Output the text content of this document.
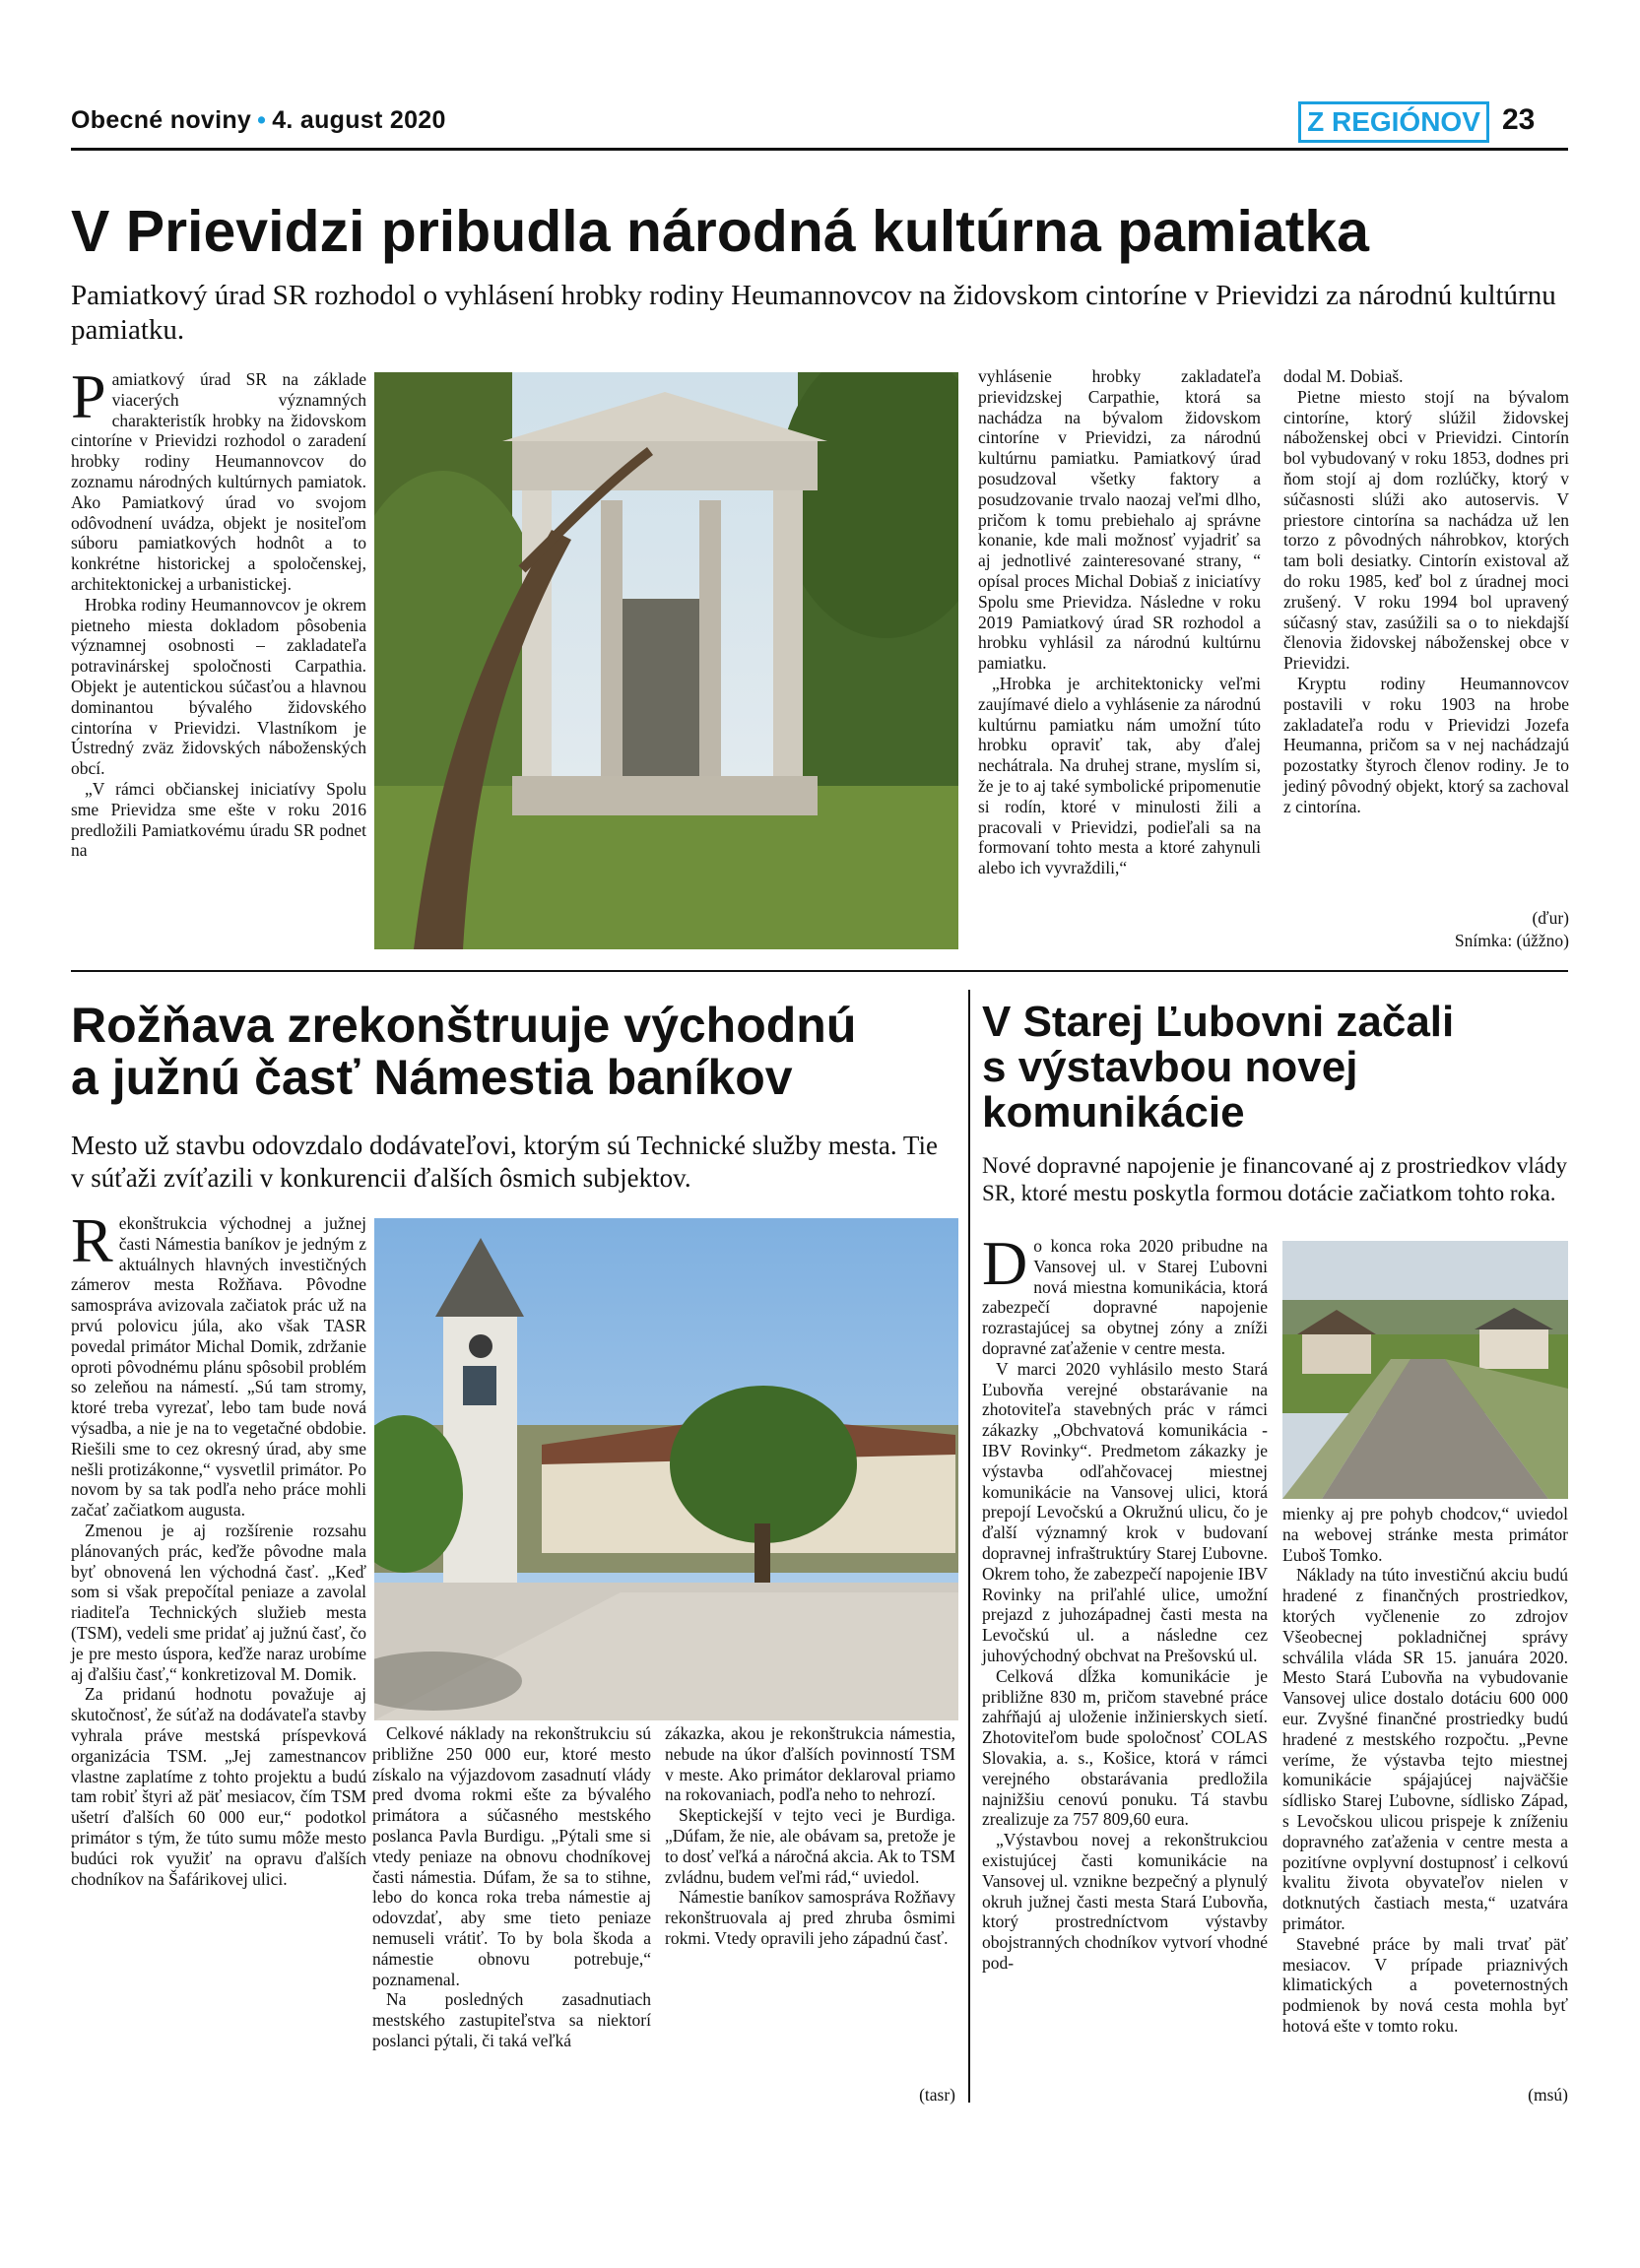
Obecné noviny • 4. august 2020	Z REGIÓNOV 23
V Prievidzi pribudla národná kultúrna pamiatka
Pamiatkový úrad SR rozhodol o vyhlásení hrobky rodiny Heumannovcov na židovskom cintoríne v Prievidzi za národnú kultúrnu pamiatku.

Pamiatkový úrad SR na základe viacerých významných charakteristík hrobky na židovskom cintoríne v Prievidzi rozhodol o zaradení hrobky rodiny Heumannovcov do zoznamu národných kultúrnych pamiatok. Ako Pamiatkový úrad vo svojom odôvodnení uvádza, objekt je nositeľom súboru pamiatkových hodnôt a to konkrétne historickej a spoločenskej, architektonickej a urbanistickej.

Hrobka rodiny Heumannovcov je okrem pietneho miesta dokladom pôsobenia významnej osobnosti – zakladateľa potravinárskej spoločnosti Carpathia. Objekt je autentickou súčasťou a hlavnou dominantou bývalého židovského cintorína v Prievidzi. Vlastníkom je Ústredný zväz židovských náboženských obcí.

„V rámci občianskej iniciatívy Spolu sme Prievidza sme ešte v roku 2016 predložili Pamiatkovému úradu SR podnet na

vyhlásenie hrobky zakladateľa prievidzskej Carpathie, ktorá sa nachádza na bývalom židovskom cintoríne v Prievidzi, za národnú kultúrnu pamiatku. Pamiatkový úrad posudzoval všetky faktory a posudzovanie trvalo naozaj veľmi dlho, pričom k tomu prebiehalo aj správne konanie, kde mali možnosť vyjadriť sa aj jednotlivé zainteresované strany, “ opísal proces Michal Dobiaš z iniciatívy Spolu sme Prievidza. Následne v roku 2019 Pamiatkový úrad SR rozhodol a hrobku vyhlásil za národnú kultúrnu pamiatku.

„Hrobka je architektonicky veľmi zaujímavé dielo a vyhlásenie za národnú kultúrnu pamiatku nám umožní túto hrobku opraviť tak, aby ďalej nechátrala. Na druhej strane, myslím si, že je to aj také symbolické pripomenutie si rodín, ktoré v minulosti žili a pracovali v Prievidzi, podieľali sa na formovaní tohto mesta a ktoré zahynuli alebo ich vyvraždili,“

dodal M. Dobiaš.

Pietne miesto stojí na bývalom cintoríne, ktorý slúžil židovskej náboženskej obci v Prievidzi. Cintorín bol vybudovaný v roku 1853, dodnes pri ňom stojí aj dom rozlúčky, ktorý v súčasnosti slúži ako autoservis. V priestore cintorína sa nachádza už len torzo z pôvodných náhrobkov, ktorých tam boli desiatky. Cintorín existoval až do roku 1985, keď bol z úradnej moci zrušený. V roku 1994 bol upravený súčasný stav, zasúžili sa o to niekdajší členovia židovskej náboženskej obce v Prievidzi.

Kryptu rodiny Heumannovcov postavili v roku 1903 na hrobe zakladateľa rodu v Prievidzi Jozefa Heumanna, pričom sa v nej nachádzajú pozostatky štyroch členov rodiny. Je to jediný pôvodný objekt, ktorý sa zachoval z cintorína.

(ďur)
Snímka: (úžžno)
Rožňava zrekonštruuje východnú
a južnú časť Námestia baníkov
Mesto už stavbu odovzdalo dodávateľovi, ktorým sú Technické služby mesta. Tie v súťaži zvíťazili v konkurencii ďalších ôsmich subjektov.

Rekonštrukcia východnej a južnej časti Námestia baníkov je jedným z aktuálnych hlavných investičných zámerov mesta Rožňava. Pôvodne samospráva avizovala začiatok prác už na prvú polovicu júla, ako však TASR povedal primátor Michal Domik, zdržanie oproti pôvodnému plánu spôsobil problém so zeleňou na námestí. „Sú tam stromy, ktoré treba vyrezať, lebo tam bude nová výsadba, a nie je na to vegetačné obdobie. Riešili sme to cez okresný úrad, aby sme nešli protizákonne,“ vysvetlil primátor. Po novom by sa tak podľa neho práce mohli začať začiatkom augusta.

Zmenou je aj rozšírenie rozsahu plánovaných prác, keďže pôvodne mala byť obnovená len východná časť. „Keď som si však prepočítal peniaze a zavolal riaditeľa Technických služieb mesta (TSM), vedeli sme pridať aj južnú časť, čo je pre mesto úspora, keďže naraz urobíme aj ďalšiu časť,“ konkretizoval M. Domik.

Za pridanú hodnotu považuje aj skutočnosť, že súťaž na dodávateľa stavby vyhrala práve mestská príspevková organizácia TSM. „Jej zamestnancov vlastne zaplatíme z tohto projektu a budú tam robiť štyri až päť mesiacov, čím TSM ušetrí ďalších 60 000 eur,“ podotkol primátor s tým, že túto sumu môže mesto budúci rok využiť na opravu ďalších chodníkov na Šafárikovej ulici.

Celkové náklady na rekonštrukciu sú približne 250 000 eur, ktoré mesto získalo na výjazdovom zasadnutí vlády pred dvoma rokmi ešte za bývalého primátora a súčasného mestského poslanca Pavla Burdigu. „Pýtali sme si vtedy peniaze na obnovu chodníkovej časti námestia. Dúfam, že sa to stihne, lebo do konca roka treba námestie aj odovzdať, aby sme tieto peniaze nemuseli vrátiť. To by bola škoda a námestie obnovu potrebuje,“ poznamenal.

Na posledných zasadnutiach mestského zastupiteľstva sa niektorí poslanci pýtali, či taká veľká

zákazka, akou je rekonštrukcia námestia, nebude na úkor ďalších povinností TSM v meste. Ako primátor deklaroval priamo na rokovaniach, podľa neho to nehrozí.

Skeptickejší v tejto veci je Burdiga. „Dúfam, že nie, ale obávam sa, pretože je to dosť veľká a náročná akcia. Ak to TSM zvládnu, budem veľmi rád,“ uviedol.

Námestie baníkov samospráva Rožňavy rekonštruovala aj pred zhruba ôsmimi rokmi. Vtedy opravili jeho západnú časť.

(tasr)
V Starej Ľubovni začali
s výstavbou novej
komunikácie
Nové dopravné napojenie je financované aj z prostriedkov vlády SR, ktoré mestu poskytla formou dotácie začiatkom tohto roka.

Do konca roka 2020 pribudne na Vansovej ul. v Starej Ľubovni nová miestna komunikácia, ktorá zabezpečí dopravné napojenie rozrastajúcej sa obytnej zóny a zníži dopravné zaťaženie v centre mesta.

V marci 2020 vyhlásilo mesto Stará Ľubovňa verejné obstarávanie na zhotoviteľa stavebných prác v rámci zákazky „Obchvatová komunikácia - IBV Rovinky“. Predmetom zákazky je výstavba odľahčovacej miestnej komunikácie na Vansovej ulici, ktorá prepojí Levočskú a Okružnú ulicu, čo je ďalší významný krok v budovaní dopravnej infraštruktúry Starej Ľubovne. Okrem toho, že zabezpečí napojenie IBV Rovinky na priľahlé ulice, umožní prejazd z juhozápadnej časti mesta na Levočskú ul. a následne cez juhovýchodný obchvat na Prešovskú ul.

Celková dĺžka komunikácie je približne 830 m, pričom stavebné práce zahŕňajú aj uloženie inžinierskych sietí. Zhotoviteľom bude spoločnosť COLAS Slovakia, a. s., Košice, ktorá v rámci verejného obstarávania predložila najnižšiu cenovú ponuku. Tá stavbu zrealizuje za 757 809,60 eura.

„Výstavbou novej a rekonštrukciou existujúcej časti komunikácie na Vansovej ul. vznikne bezpečný a plynulý okruh južnej časti mesta Stará Ľubovňa, ktorý prostredníctvom výstavby obojstranných chodníkov vytvorí vhodné pod-

mienky aj pre pohyb chodcov,“ uviedol na webovej stránke mesta primátor Ľuboš Tomko.

Náklady na túto investičnú akciu budú hradené z finančných prostriedkov, ktorých vyčlenenie zo zdrojov Všeobecnej pokladničnej správy schválila vláda SR 15. januára 2020. Mesto Stará Ľubovňa na vybudovanie Vansovej ulice dostalo dotáciu 600 000 eur. Zvyšné finančné prostriedky budú hradené z mestského rozpočtu. „Pevne veríme, že výstavba tejto miestnej komunikácie spájajúcej najväčšie sídlisko Starej Ľubovne, sídlisko Západ, s Levočskou ulicou prispeje k zníženiu dopravného zaťaženia v centre mesta a pozitívne ovplyvní dostupnosť i celkovú kvalitu života obyvateľov nielen v dotknutých častiach mesta,“ uzatvára primátor.

Stavebné práce by mali trvať päť mesiacov. V prípade priaznivých klimatických a poveternostných podmienok by nová cesta mohla byť hotová ešte v tomto roku.

(msú)
